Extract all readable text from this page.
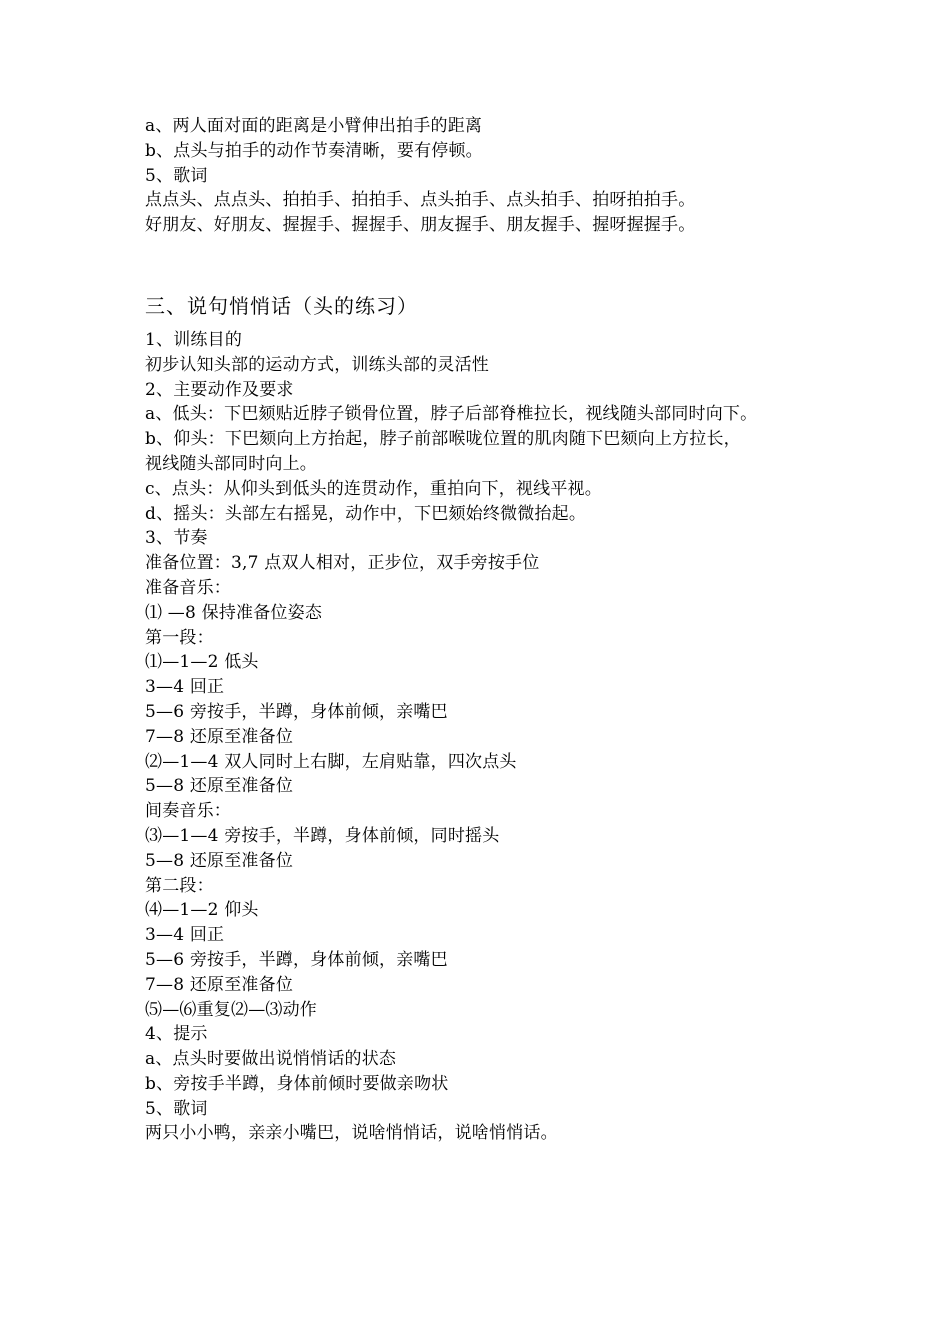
a、两人面对面的距离是小臂伸出拍手的距离
b、点头与拍手的动作节奏清晰，要有停顿。
5、歌词
点点头、点点头、拍拍手、拍拍手、点头拍手、点头拍手、拍呀拍拍手。
好朋友、好朋友、握握手、握握手、朋友握手、朋友握手、握呀握握手。
三、说句悄悄话（头的练习）
1、训练目的
初步认知头部的运动方式，训练头部的灵活性
2、主要动作及要求
a、低头：下巴颏贴近脖子锁骨位置，脖子后部脊椎拉长，视线随头部同时向下。
b、仰头：下巴颏向上方抬起，脖子前部喉咙位置的肌肉随下巴颏向上方拉长，
视线随头部同时向上。
c、点头：从仰头到低头的连贯动作，重拍向下，视线平视。
d、摇头：头部左右摇晃，动作中，下巴颏始终微微抬起。
3、节奏
准备位置：3,7 点双人相对，正步位，双手旁按手位
准备音乐：
⑴ —8 保持准备位姿态
第一段：
⑴—1—2 低头
3—4 回正
5—6 旁按手，半蹲，身体前倾，亲嘴巴
7—8 还原至准备位
⑵—1—4 双人同时上右脚，左肩贴靠，四次点头
5—8 还原至准备位
间奏音乐：
⑶—1—4 旁按手，半蹲，身体前倾，同时摇头
5—8 还原至准备位
第二段：
⑷—1—2 仰头
3—4 回正
5—6 旁按手，半蹲，身体前倾，亲嘴巴
7—8 还原至准备位
⑸—⑹重复⑵—⑶动作
4、提示
a、点头时要做出说悄悄话的状态
b、旁按手半蹲，身体前倾时要做亲吻状
5、歌词
两只小小鸭，亲亲小嘴巴，说啥悄悄话，说啥悄悄话。
